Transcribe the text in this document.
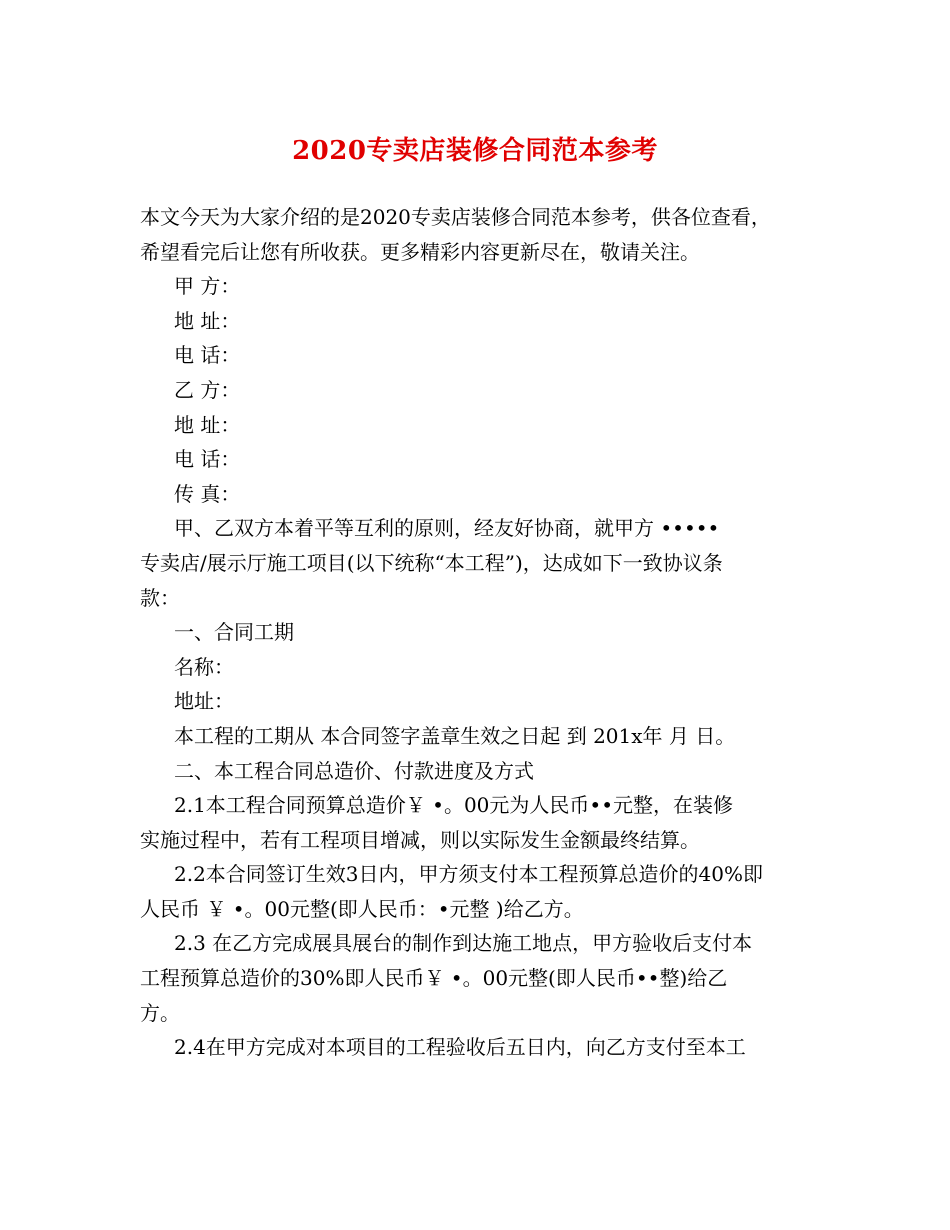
2020专卖店装修合同范本参考

本文今天为大家介绍的是2020专卖店装修合同范本参考，供各位查看，

希望看完后让您有所收获。更多精彩内容更新尽在，敬请关注。

甲 方：

地 址：

电 话：

乙 方：

地 址：

电 话：

传 真：

甲、乙双方本着平等互利的原则，经友好协商，就甲方 •••••

专卖店/展示厅施工项目(以下统称“本工程”)，达成如下一致协议条

款：

一、合同工期

名称：

地址：

本工程的工期从 本合同签字盖章生效之日起 到 201x年 月 日。

二、本工程合同总造价、付款进度及方式

2.1本工程合同预算总造价￥ •。00元为人民币••元整，在装修

实施过程中，若有工程项目增减，则以实际发生金额最终结算。

2.2本合同签订生效3日内，甲方须支付本工程预算总造价的40%即

人民币 ￥ •。00元整(即人民币：•元整 )给乙方。

2.3 在乙方完成展具展台的制作到达施工地点，甲方验收后支付本

工程预算总造价的30%即人民币￥ •。00元整(即人民币••整)给乙

方。

2.4在甲方完成对本项目的工程验收后五日内，向乙方支付至本工
